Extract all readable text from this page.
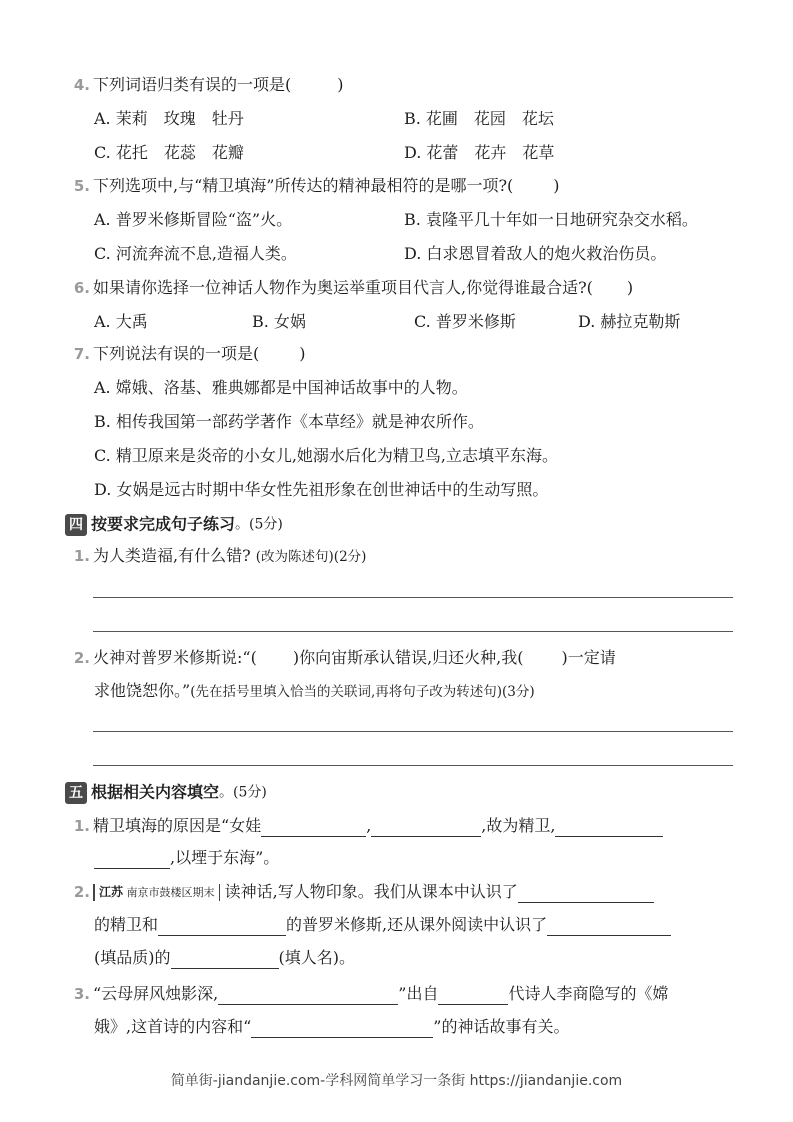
4. 下列词语归类有误的一项是(	)
A. 茉莉　玫瑰　牡丹	B. 花圃　花园　花坛
C. 花托　花蕊　花瓣	D. 花蕾　花卉　花草
5. 下列选项中,与“精卫填海”所传达的精神最相符的是哪一项?(	)
A. 普罗米修斯冒险“盗”火。	B. 袁隆平几十年如一日地研究杂交水稻。
C. 河流奔流不息,造福人类。	D. 白求恩冒着敌人的炮火救治伤员。
6. 如果请你选择一位神话人物作为奥运举重项目代言人,你觉得谁最合适?( )
A. 大禹	B. 女娲	C. 普罗米修斯	D. 赫拉克勒斯
7. 下列说法有误的一项是(	)
A. 嫦娥、洛基、雅典娜都是中国神话故事中的人物。
B. 相传我国第一部药学著作《本草经》就是神农所作。
C. 精卫原来是炎帝的小女儿,她溺水后化为精卫鸟,立志填平东海。
D. 女娲是远古时期中华女性先祖形象在创世神话中的生动写照。
四 按要求完成句子练习。(5分)
1. 为人类造福,有什么错? (改为陈述句)(2分)
2. 火神对普罗米修斯说:“( )你向宙斯承认错误,归还火种,我( )一定请
求他饶恕你。”(先在括号里填入恰当的关联词,再将句子改为转述句)(3分)
五 根据相关内容填空。(5分)
1. 精卫填海的原因是“女娃	,	,故为精卫,
,以堙于东海”。
2. 江苏 南京市鼓楼区期末 读神话,写人物印象。我们从课本中认识了
的精卫和	的普罗米修斯,还从课外阅读中认识了
(填品质)的	(填人名)。
3. “云母屏风烛影深,	”出自	代诗人李商隐写的《嫦
娥》,这首诗的内容和“	”的神话故事有关。
简单街-jiandanjie.com-学科网简单学习一条街 https://jiandanjie.com
